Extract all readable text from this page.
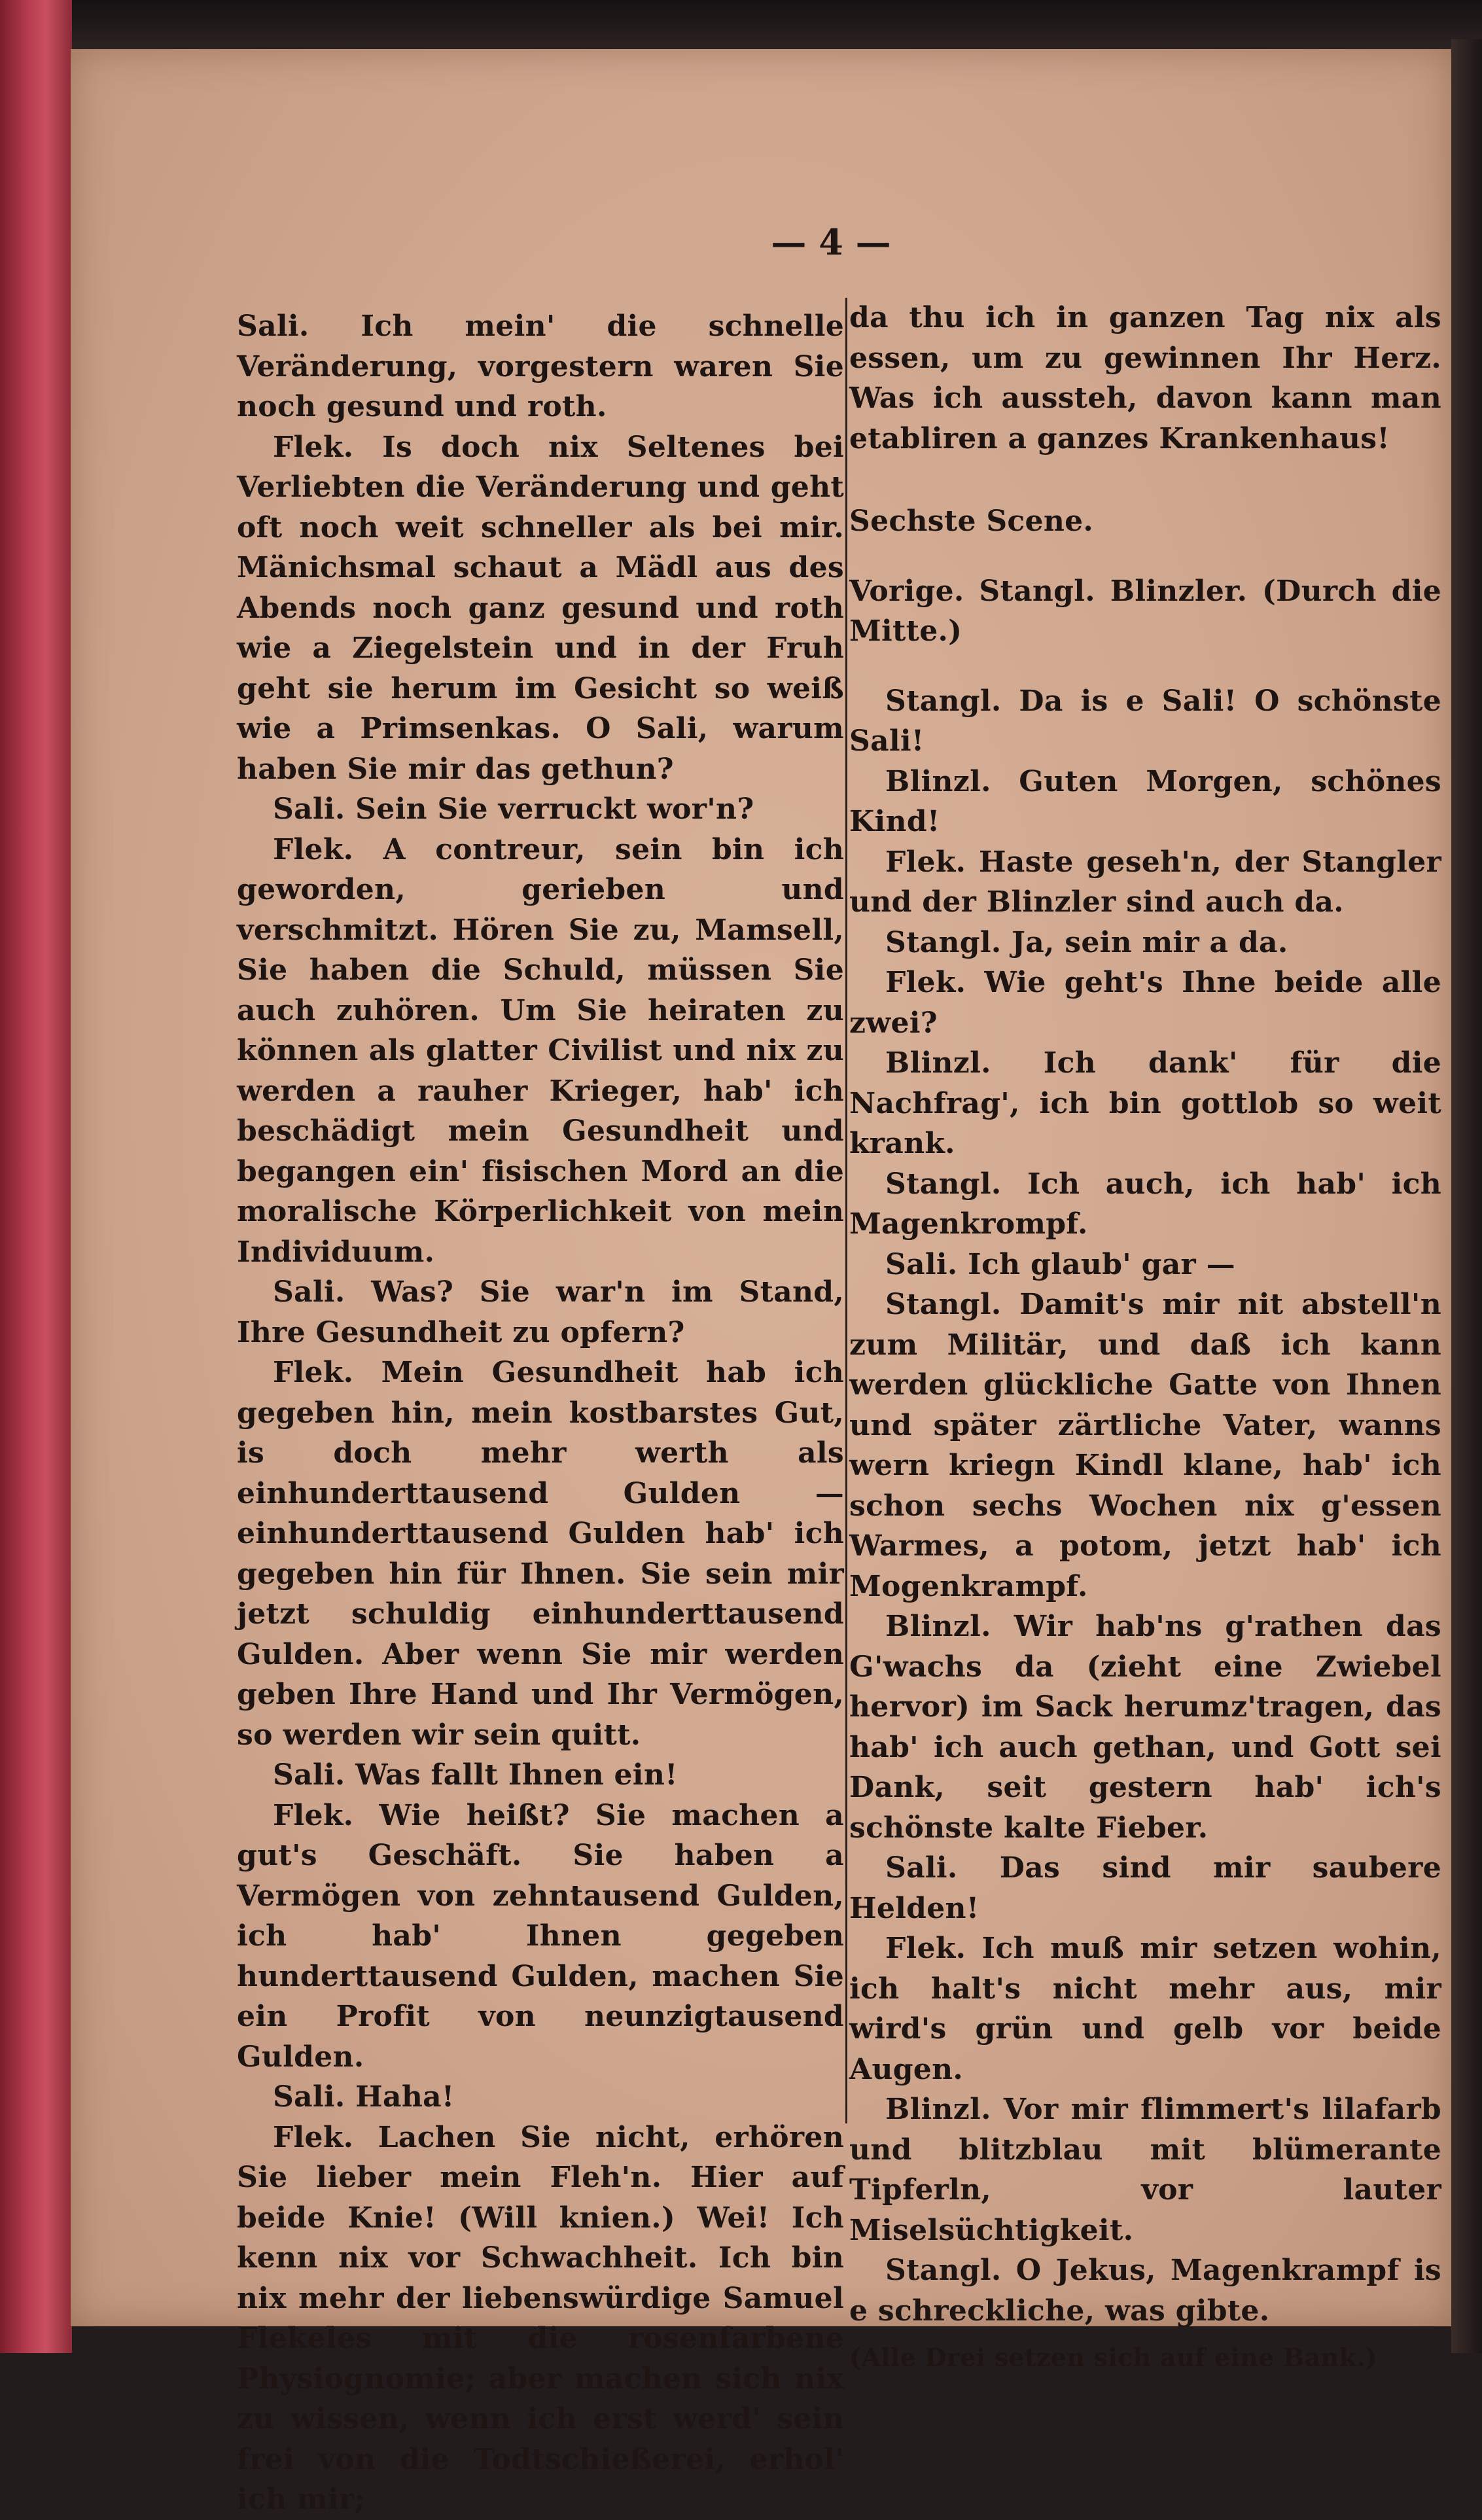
— 4 —

Sali. Ich mein' die schnelle Veränderung, vorgestern waren Sie noch gesund und roth.

Flek. Is doch nix Seltenes bei Verliebten die Veränderung und geht oft noch weit schneller als bei mir. Mänichsmal schaut a Mädl aus des Abends noch ganz gesund und roth wie a Ziegelstein und in der Fruh geht sie herum im Gesicht so weiß wie a Primsenkas. O Sali, warum haben Sie mir das gethun?

Sali. Sein Sie verruckt wor'n?

Flek. A contreur, sein bin ich geworden, gerieben und verschmitzt. Hören Sie zu, Mamsell, Sie haben die Schuld, müssen Sie auch zuhören. Um Sie heiraten zu können als glatter Civilist und nix zu werden a rauher Krieger, hab' ich beschädigt mein Gesundheit und begangen ein' fisischen Mord an die moralische Körperlichkeit von mein Individuum.

Sali. Was? Sie war'n im Stand, Ihre Gesundheit zu opfern?

Flek. Mein Gesundheit hab ich gegeben hin, mein kostbarstes Gut, is doch mehr werth als einhunderttausend Gulden — einhunderttausend Gulden hab' ich gegeben hin für Ihnen. Sie sein mir jetzt schuldig einhunderttausend Gulden. Aber wenn Sie mir werden geben Ihre Hand und Ihr Vermögen, so werden wir sein quitt.

Sali. Was fallt Ihnen ein!

Flek. Wie heißt? Sie machen a gut's Geschäft. Sie haben a Vermögen von zehntausend Gulden, ich hab' Ihnen gegeben hunderttausend Gulden, machen Sie ein Profit von neunzigtausend Gulden.

Sali. Haha!

Flek. Lachen Sie nicht, erhören Sie lieber mein Fleh'n. Hier auf beide Knie! (Will knien.) Wei! Ich kenn nix vor Schwachheit. Ich bin nix mehr der liebenswürdige Samuel Flekeles mit die rosenfarbene Physiognomie; aber machen sich nix zu wissen, wenn ich erst werd' sein frei von die Todtschießerei, erhol' ich mir;

da thu ich in ganzen Tag nix als essen, um zu gewinnen Ihr Herz. Was ich aussteh, davon kann man etabliren a ganzes Krankenhaus!

Sechste Scene.

Vorige. Stangl. Blinzler. (Durch die Mitte.)

Stangl. Da is e Sali! O schönste Sali!

Blinzl. Guten Morgen, schönes Kind!

Flek. Haste geseh'n, der Stangler und der Blinzler sind auch da.

Stangl. Ja, sein mir a da.

Flek. Wie geht's Ihne beide alle zwei?

Blinzl. Ich dank' für die Nachfrag', ich bin gottlob so weit krank.

Stangl. Ich auch, ich hab' ich Magenkrompf.

Sali. Ich glaub' gar —

Stangl. Damit's mir nit abstell'n zum Militär, und daß ich kann werden glückliche Gatte von Ihnen und später zärtliche Vater, wanns wern kriegn Kindl klane, hab' ich schon sechs Wochen nix g'essen Warmes, a potom, jetzt hab' ich Mogenkrampf.

Blinzl. Wir hab'ns g'rathen das G'wachs da (zieht eine Zwiebel hervor) im Sack herumz'tragen, das hab' ich auch gethan, und Gott sei Dank, seit gestern hab' ich's schönste kalte Fieber.

Sali. Das sind mir saubere Helden!

Flek. Ich muß mir setzen wohin, ich halt's nicht mehr aus, mir wird's grün und gelb vor beide Augen.

Blinzl. Vor mir flimmert's lilafarb und blitzblau mit blümerante Tipferln, vor lauter Miselsüchtigkeit.

Stangl. O Jekus, Magenkrampf is e schreckliche, was gibte.

(Alle Drei setzen sich auf eine Bank.)
